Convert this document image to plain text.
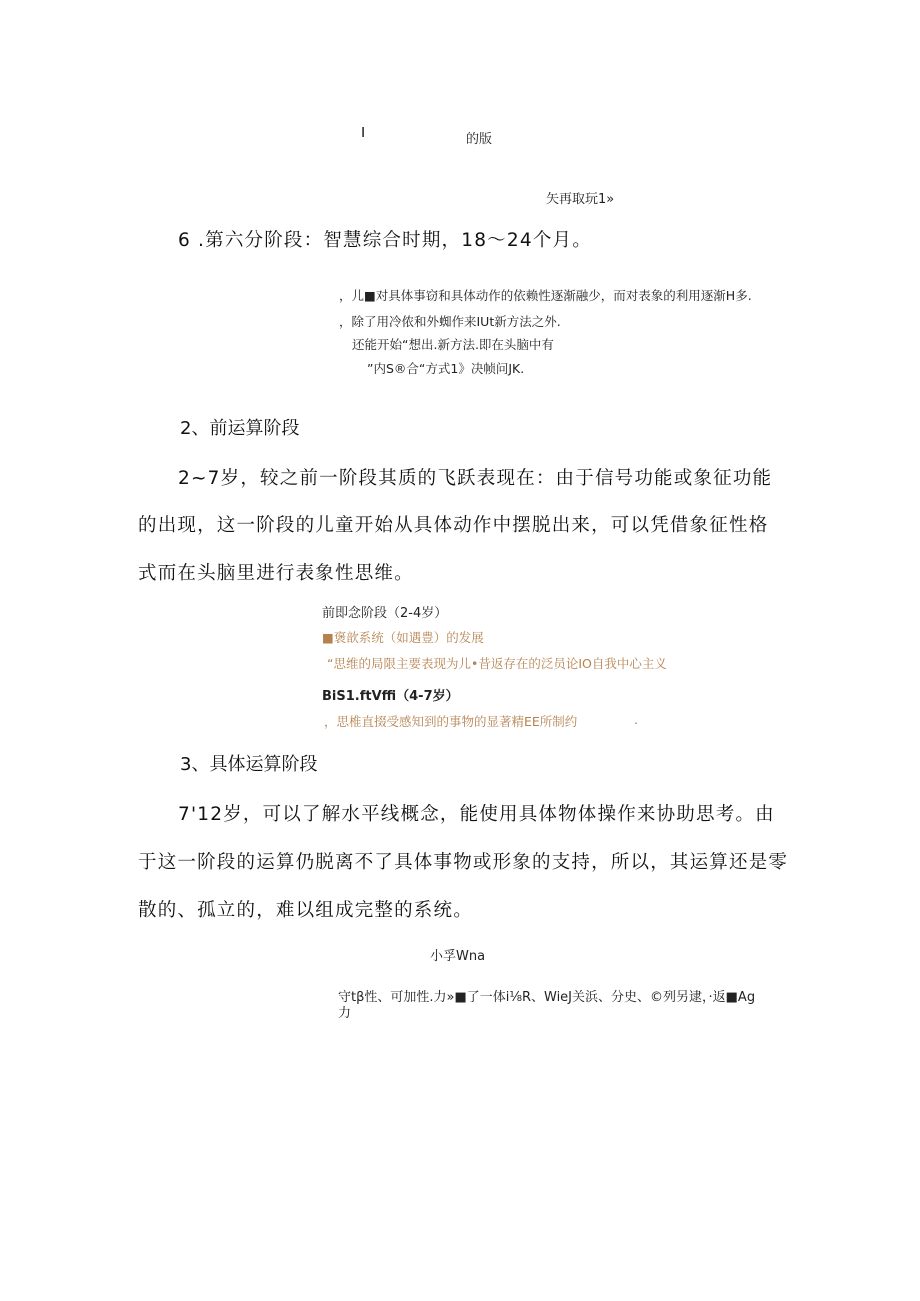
I	的版
矢再取玩1»
6 .第六分阶段：智慧综合时期，18～24个月。
，儿■对具体事窃和具体动作的依赖性逐渐融少，而对表象的利用逐渐H多.
，除了用冷侬和外蜘作来IUt新方法之外.
还能开始“想出.新方法.即在头脑中有
”内S®合“方式1》决帧问JK.
2、前运算阶段
2~7岁，较之前一阶段其质的飞跃表现在：由于信号功能或象征功能
的出现，这一阶段的儿童开始从具体动作中摆脱出来，可以凭借象征性格
式而在头脑里进行表象性思维。
前即念阶段（2-4岁）
■褒歆系统（如遇豊）的发展
“思维的局限主要表现为儿•昔返存在的泛员论IO自我中心主义
BiS1.ftVffi（4-7岁）
，思椎直掇受感知到的事物的显著精EE所制约	.
3、具体运算阶段
7'12岁，可以了解水平线概念，能使用具体物体操作来协助思考。由
于这一阶段的运算仍脱离不了具体事物或形象的支持，所以，其运算还是零
散的、孤立的，难以组成完整的系统。
小孚Wna
守tβ性、可加性.力»■了一体i⅛R、WieJ关浜、分史、©列另逮，·返■Ag
力
